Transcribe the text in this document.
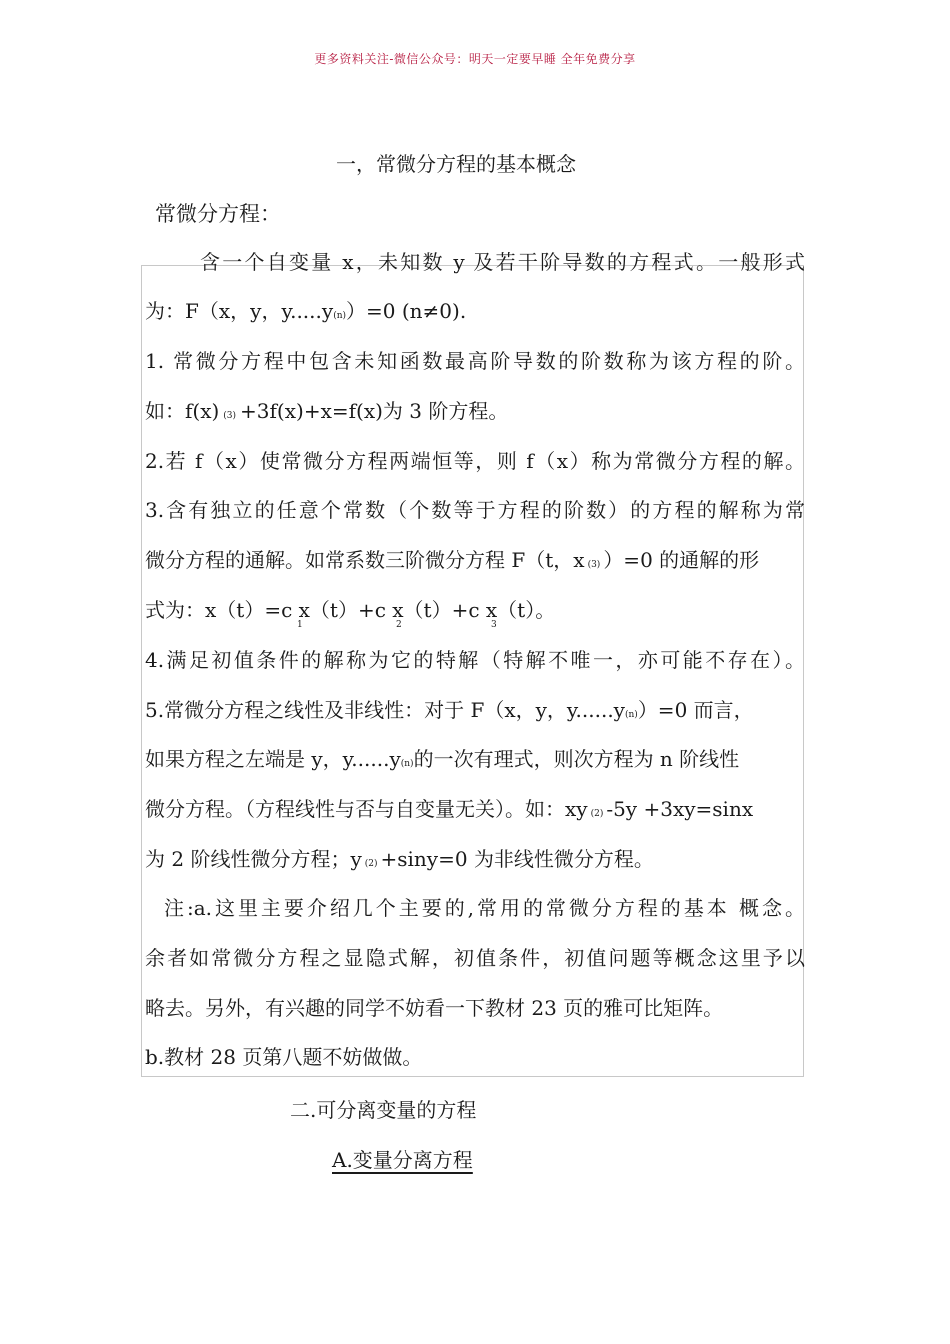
更多资料关注-微信公众号：明天一定要早睡 全年免费分享
一，常微分方程的基本概念
常微分方程：
含一个自变量 x，未知数 y 及若干阶导数的方程式。一般形式
为：F（x，y，y.....y(n)）=0 (n≠0).
1. 常微分方程中包含未知函数最高阶导数的阶数称为该方程的阶。
如：f(x) (3) +3f(x)+x=f(x)为 3 阶方程。
2.若 f（x）使常微分方程两端恒等，则 f（x）称为常微分方程的解。
3.含有独立的任意个常数（个数等于方程的阶数）的方程的解称为常
微分方程的通解。如常系数三阶微分方程 F（t，x (3) ）=0 的通解的形
式为：x（t）=c x（t）+c x（t）+c x（t）。
1	2	3
4.满足初值条件的解称为它的特解（特解不唯一，亦可能不存在）。
5.常微分方程之线性及非线性：对于 F（x，y，y......y(n)）=0 而言，
如果方程之左端是 y，y......y(n)的一次有理式，则次方程为 n 阶线性
微分方程。（方程线性与否与自变量无关）。如：xy (2) -5y +3xy=sinx
为 2 阶线性微分方程；y (2) +siny=0 为非线性微分方程。
注:a.这里主要介绍几个主要的,常用的常微分方程的基本 概念。
余者如常微分方程之显隐式解，初值条件，初值问题等概念这里予以
略去。另外，有兴趣的同学不妨看一下教材 23 页的雅可比矩阵。
b.教材 28 页第八题不妨做做。
二.可分离变量的方程
A.变量分离方程
